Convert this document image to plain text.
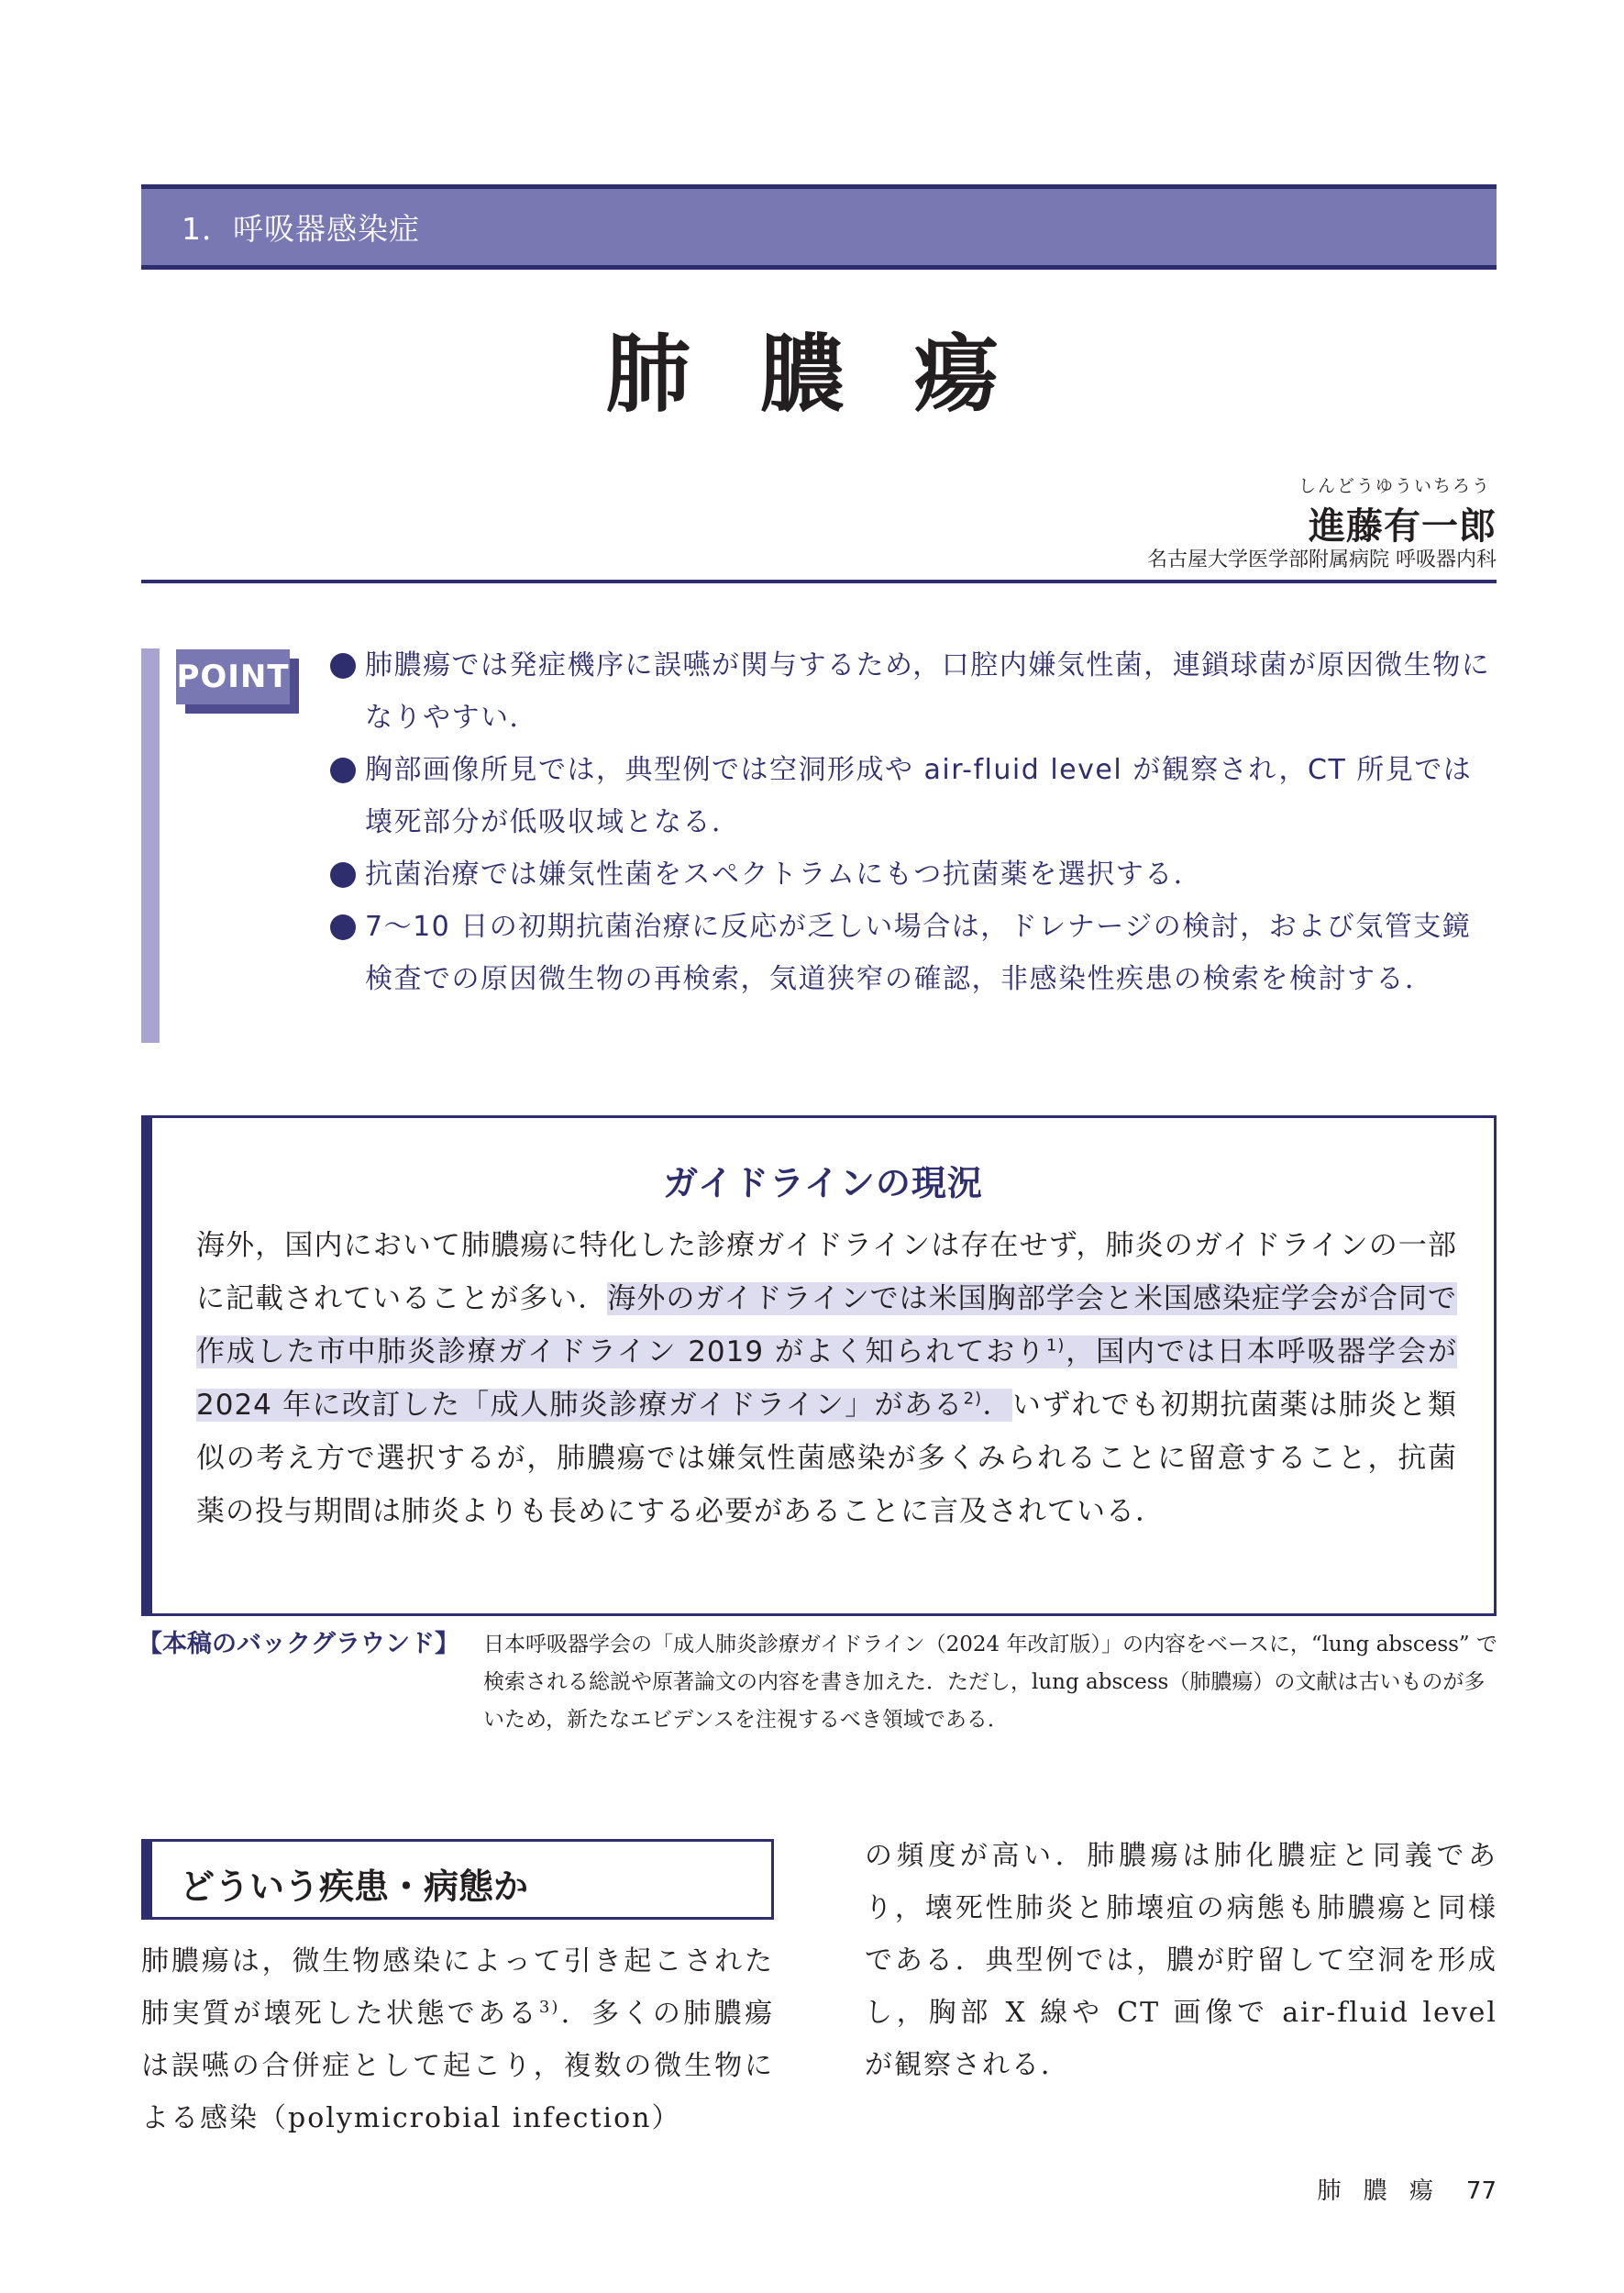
1．呼吸器感染症
肺 膿 瘍
しんどうゆういちろう
進藤有一郎
名古屋大学医学部附属病院 呼吸器内科
POINT	肺膿瘍では発症機序に誤嚥が関与するため，口腔内嫌気性菌，連鎖球菌が原因微生物になりやすい．
胸部画像所見では，典型例では空洞形成や air-fluid level が観察され，CT 所見では壊死部分が低吸収域となる．
抗菌治療では嫌気性菌をスペクトラムにもつ抗菌薬を選択する．
7〜10 日の初期抗菌治療に反応が乏しい場合は，ドレナージの検討，および気管支鏡検査での原因微生物の再検索，気道狭窄の確認，非感染性疾患の検索を検討する．
ガイドラインの現況

海外，国内において肺膿瘍に特化した診療ガイドラインは存在せず，肺炎のガイドラインの一部に記載されていることが多い．海外のガイドラインでは米国胸部学会と米国感染症学会が合同で作成した市中肺炎診療ガイドライン 2019 がよく知られており$^{1)}$，国内では日本呼吸器学会が 2024 年に改訂した「成人肺炎診療ガイドライン」がある$^{2)}$．いずれでも初期抗菌薬は肺炎と類似の考え方で選択するが，肺膿瘍では嫌気性菌感染が多くみられることに留意すること，抗菌薬の投与期間は肺炎よりも長めにする必要があることに言及されている．

【本稿のバックグラウンド】 日本呼吸器学会の「成人肺炎診療ガイドライン（2024 年改訂版）」の内容をベースに，“lung abscess” で検索される総説や原著論文の内容を書き加えた．ただし，lung abscess（肺膿瘍）の文献は古いものが多いため，新たなエビデンスを注視するべき領域である．
どういう疾患・病態か

肺膿瘍は，微生物感染によって引き起こされた肺実質が壊死した状態である$^{3)}$．多くの肺膿瘍は誤嚥の合併症として起こり，複数の微生物による感染（polymicrobial infection）

の頻度が高い．肺膿瘍は肺化膿症と同義であり，壊死性肺炎と肺壊疽の病態も肺膿瘍と同様である．典型例では，膿が貯留して空洞を形成し，胸部 X 線や CT 画像で air-fluid level が観察される．

肺 膿 瘍 77
